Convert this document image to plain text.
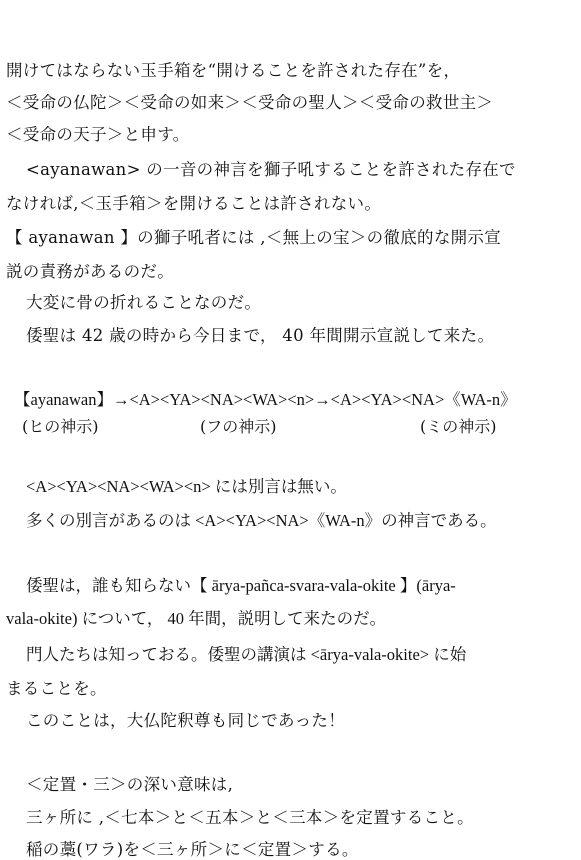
開けてはならない玉手箱を“開けることを許された存在”を，
＜受命の仏陀＞＜受命の如来＞＜受命の聖人＞＜受命の救世主＞
＜受命の天子＞と申す。
<ayanawan> の一音の神言を獅子吼することを許された存在で
なければ,＜玉手箱＞を開けることは許されない。
【 ayanawan 】の獅子吼者には ,＜無上の宝＞の徹底的な開示宣
説の責務があるのだ。
大変に骨の折れることなのだ。
倭聖は 42 歳の時から今日まで， 40 年間開示宣説して来た。
【ayanawan】→<A><YA><NA><WA><n>→<A><YA><NA>《WA-n》
(ヒの神示)	(フの神示)	(ミの神示)
<A><YA><NA><WA><n> には別言は無い。
多くの別言があるのは <A><YA><NA>《WA-n》の神言である。
倭聖は，誰も知らない【 ārya-pañca-svara-vala-okite 】(ārya-
vala-okite) について， 40 年間，説明して来たのだ。
門人たちは知っておる。倭聖の講演は <ārya-vala-okite> に始
まることを。
このことは，大仏陀釈尊も同じであった！
＜定置・三＞の深い意味は,
三ヶ所に ,＜七本＞と＜五本＞と＜三本＞を定置すること。
稲の藁(ワラ)を＜三ヶ所＞に＜定置＞する。
